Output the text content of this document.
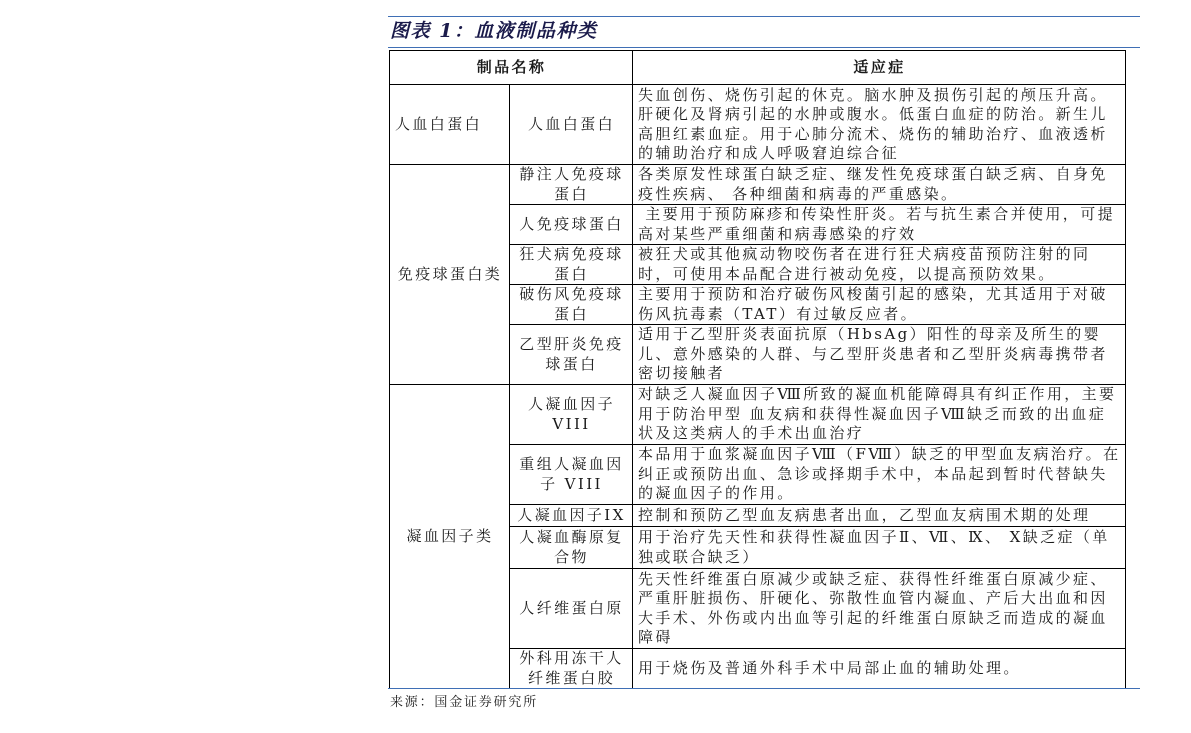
图表 1：血液制品种类
制品名称		适应症
人血白蛋白	人血白蛋白	失血创伤、烧伤引起的休克。脑水肿及损伤引起的颅压升高。肝硬化及肾病引起的水肿或腹水。低蛋白血症的防治。新生儿高胆红素血症。用于心肺分流术、烧伤的辅助治疗、血液透析的辅助治疗和成人呼吸窘迫综合征
免疫球蛋白类	静注人免疫球蛋白	各类原发性球蛋白缺乏症、继发性免疫球蛋白缺乏病、自身免疫性疾病、 各种细菌和病毒的严重感染。
	人免疫球蛋白	主要用于预防麻疹和传染性肝炎。若与抗生素合并使用，可提高对某些严重细菌和病毒感染的疗效
	狂犬病免疫球蛋白	被狂犬或其他疯动物咬伤者在进行狂犬病疫苗预防注射的同时，可使用本品配合进行被动免疫，以提高预防效果。
	破伤风免疫球蛋白	主要用于预防和治疗破伤风梭菌引起的感染，尤其适用于对破伤风抗毒素（TAT）有过敏反应者。
	乙型肝炎免疫球蛋白	适用于乙型肝炎表面抗原（HbsAg）阳性的母亲及所生的婴儿、意外感染的人群、与乙型肝炎患者和乙型肝炎病毒携带者密切接触者
凝血因子类	人凝血因子VIII	对缺乏人凝血因子Ⅷ所致的凝血机能障碍具有纠正作用，主要用于防治甲型 血友病和获得性凝血因子Ⅷ缺乏而致的出血症状及这类病人的手术出血治疗
	重组人凝血因子 VIII	本品用于血浆凝血因子Ⅷ（FⅧ）缺乏的甲型血友病治疗。在纠正或预防出血、急诊或择期手术中，本品起到暂时代替缺失的凝血因子的作用。
	人凝血因子IX	控制和预防乙型血友病患者出血，乙型血友病围术期的处理
	人凝血酶原复合物	用于治疗先天性和获得性凝血因子Ⅱ、Ⅶ、Ⅸ、 Ⅹ缺乏症（单独或联合缺乏）
	人纤维蛋白原	先天性纤维蛋白原减少或缺乏症、获得性纤维蛋白原减少症、严重肝脏损伤、肝硬化、弥散性血管内凝血、产后大出血和因大手术、外伤或内出血等引起的纤维蛋白原缺乏而造成的凝血障碍
	外科用冻干人纤维蛋白胶	用于烧伤及普通外科手术中局部止血的辅助处理。
来源：国金证券研究所
